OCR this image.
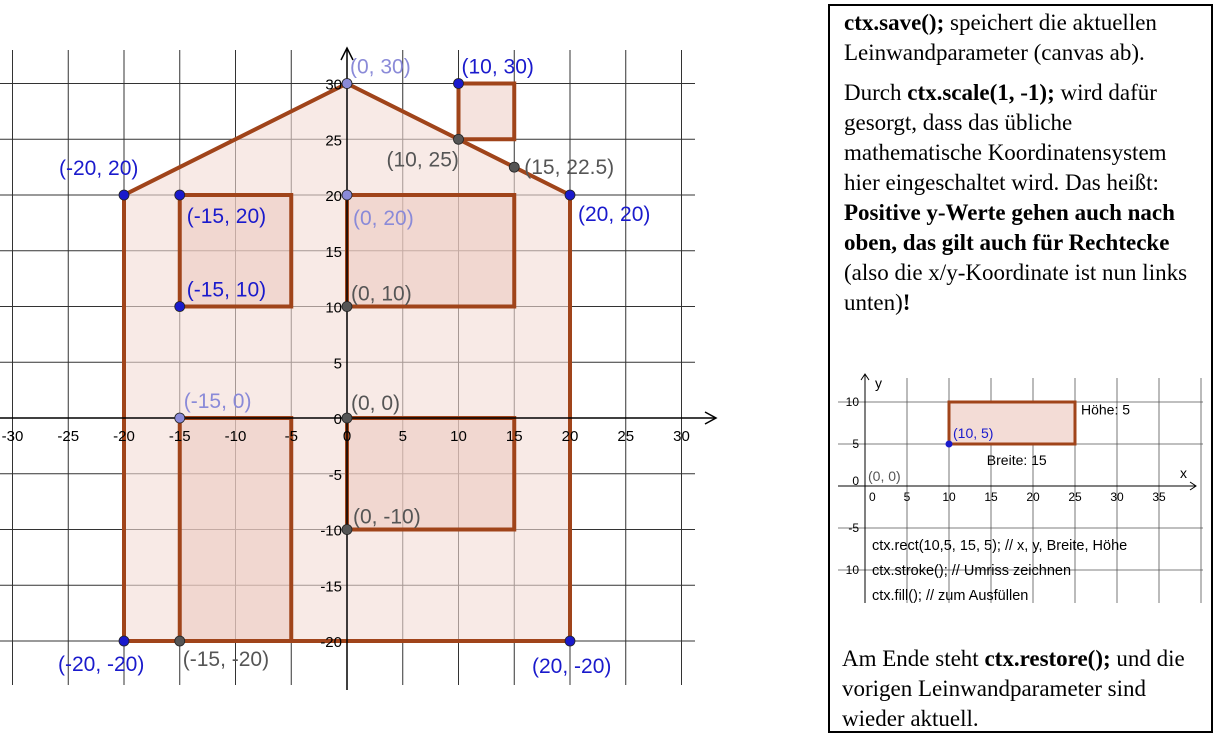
-30 -25 -20 -15 -10	-5	0	5	10	15	20	25	30
-20
-15
-10
-5
0
5
10
15
20
25
30
(0, 30) (10, 30)
(-20, 20)	(10, 25)	(15, 22.5)
(20, 20)
(-15, 20)	(0, 20)
(-15, 10)	(0, 10)
(-15, 0)	(0, 0)
(0, -10)
(-20, -20) (-15, -20)	(20, -20)

ctx.save(); speichert die aktuellen Leinwandparameter (canvas ab).

Durch ctx.scale(1, -1); wird dafür gesorgt, dass das übliche mathematische Koordinatensystem hier eingeschaltet wird. Das heißt: Positive y-Werte gehen auch nach oben, das gilt auch für Rechtecke (also die x/y-Koordinate ist nun links unten)!

y
x
0 5	10 15 20 25 30 35
10
5
0
-5
10
(0, 0)
(10, 5)
Höhe: 5
Breite: 15
ctx.rect(10,5, 15, 5); // x, y, Breite, Höhe
ctx.stroke(); // Umriss zeichnen
ctx.fill(); // zum Ausfüllen

Am Ende steht ctx.restore(); und die vorigen Leinwandparameter sind wieder aktuell.
